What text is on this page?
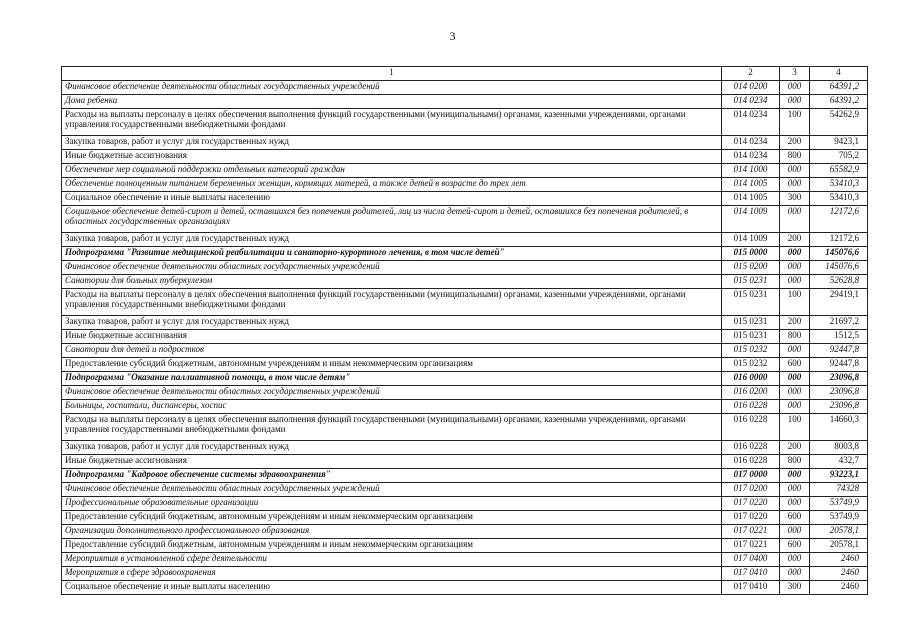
3
1	2	3	4
Финансовое обеспечение деятельности областных государственных учреждений	014 0200	000	64391,2
Дома ребенка	014 0234	000	64391,2
Расходы на выплаты персоналу в целях обеспечения выполнения функций государственными (муниципальными) органами, казенными учреждениями, органами управления государственными внебюджетными фондами	014 0234	100	54262,9
Закупка товаров, работ и услуг для государственных нужд	014 0234	200	9423,1
Иные бюджетные ассигнования	014 0234	800	705,2
Обеспечение мер социальной поддержки отдельных категорий граждан	014 1000	000	65582,9
Обеспечение полноценным питанием беременных женщин, кормящих матерей, а также детей в возрасте до трех лет	014 1005	000	53410,3
Социальное обеспечение и иные выплаты населению	014 1005	300	53410,3
Социальное обеспечение детей-сирот и детей, оставшихся без попечения родителей, лиц из числа детей-сирот и детей, оставшихся без попечения родителей, в областных государственных организациях	014 1009	000	12172,6
Закупка товаров, работ и услуг для государственных нужд	014 1009	200	12172,6
Подпрограмма "Развитие медицинской реабилитации и санаторно-курортного лечения, в том числе детей"	015 0000	000	145076,6
Финансовое обеспечение деятельности областных государственных учреждений	015 0200	000	145076,6
Санатории для больных туберкулезом	015 0231	000	52628,8
Расходы на выплаты персоналу в целях обеспечения выполнения функций государственными (муниципальными) органами, казенными учреждениями, органами управления государственными внебюджетными фондами	015 0231	100	29419,1
Закупка товаров, работ и услуг для государственных нужд	015 0231	200	21697,2
Иные бюджетные ассигнования	015 0231	800	1512,5
Санатории для детей и подростков	015 0232	000	92447,8
Предоставление субсидий бюджетным, автономным учреждениям и иным некоммерческим организациям	015 0232	600	92447,8
Подпрограмма "Оказание паллиативной помощи, в том числе детям"	016 0000	000	23096,8
Финансовое обеспечение деятельности областных государственных учреждений	016 0200	000	23096,8
Больницы, госпитали, диспансеры, хоспис	016 0228	000	23096,8
Расходы на выплаты персоналу в целях обеспечения выполнения функций государственными (муниципальными) органами, казенными учреждениями, органами управления государственными внебюджетными фондами	016 0228	100	14660,3
Закупка товаров, работ и услуг для государственных нужд	016 0228	200	8003,8
Иные бюджетные ассигнования	016 0228	800	432,7
Подпрограмма "Кадровое обеспечение системы здравоохранения"	017 0000	000	93223,1
Финансовое обеспечение деятельности областных государственных учреждений	017 0200	000	74328
Профессиональные образовательные организации	017 0220	000	53749,9
Предоставление субсидий бюджетным, автономным учреждениям и иным некоммерческим организациям	017 0220	600	53749,9
Организации дополнительного профессионального образования	017 0221	000	20578,1
Предоставление субсидий бюджетным, автономным учреждениям и иным некоммерческим организациям	017 0221	600	20578,1
Мероприятия в установленной сфере деятельности	017 0400	000	2460
Мероприятия в сфере здравоохранения	017 0410	000	2460
Социальное обеспечение и иные выплаты населению	017 0410	300	2460
